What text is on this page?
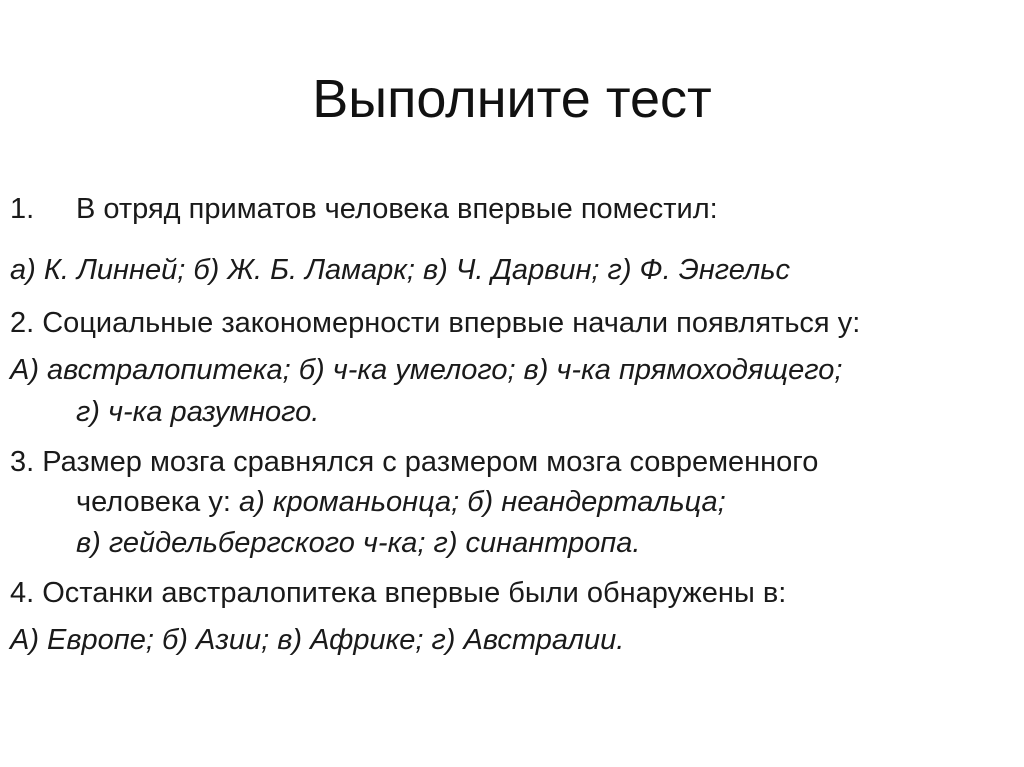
Выполните тест
1. В отряд приматов человека впервые поместил:
а) К. Линней; б) Ж. Б. Ламарк; в) Ч. Дарвин; г) Ф. Энгельс
2. Социальные закономерности впервые начали появляться у:
А) австралопитека; б) ч-ка умелого; в) ч-ка прямоходящего;
г) ч-ка разумного.
3. Размер мозга сравнялся с размером мозга современного
человека у: а) кроманьонца; б) неандертальца;
в) гейдельбергского ч-ка; г) синантропа.
4. Останки австралопитека впервые были обнаружены в:
А) Европе; б) Азии; в) Африке; г) Австралии.
